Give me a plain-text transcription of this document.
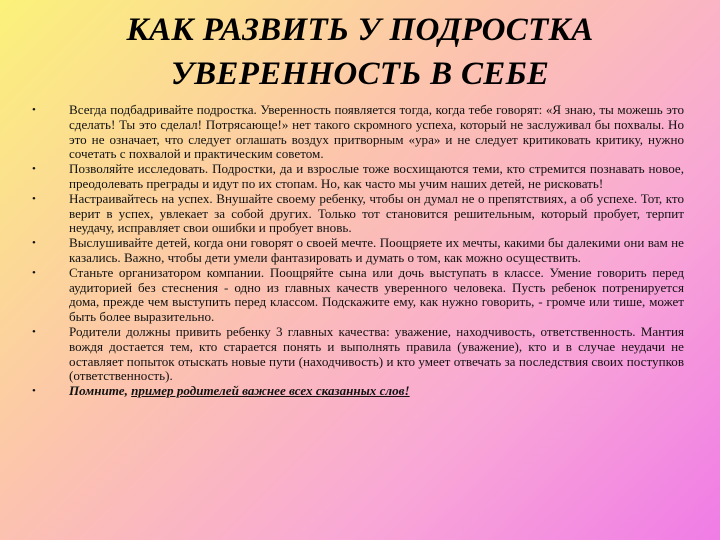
КАК РАЗВИТЬ У ПОДРОСТКА
УВЕРЕННОСТЬ В СЕБЕ
•	Всегда подбадривайте подростка. Уверенность появляется тогда, когда тебе говорят: «Я знаю, ты можешь это сделать! Ты это сделал! Потрясающе!» нет такого скромного успеха, который не заслуживал бы похвалы. Но это не означает, что следует оглашать воздух притворным «ура» и не следует критиковать критику, нужно сочетать с похвалой и практическим советом.
•	Позволяйте исследовать. Подростки, да и взрослые тоже восхищаются теми, кто стремится познавать новое, преодолевать преграды и идут по их стопам. Но, как часто мы учим наших детей, не рисковать!
•	Настраивайтесь на успех. Внушайте своему ребенку, чтобы он думал не о препятствиях, а об успехе. Тот, кто верит в успех, увлекает за собой других. Только тот становится решительным, который пробует, терпит неудачу, исправляет свои ошибки и пробует вновь.
•	Выслушивайте детей, когда они говорят о своей мечте. Поощряете их мечты, какими бы далекими они вам не казались. Важно, чтобы дети умели фантазировать и думать о том, как можно осуществить.
•	Станьте организатором компании. Поощряйте сына или дочь выступать в классе. Умение говорить перед аудиторией без стеснения - одно из главных качеств уверенного человека. Пусть ребенок потренируется дома, прежде чем выступить перед классом. Подскажите ему, как нужно говорить, - громче или тише, может быть более выразительно.
•	Родители должны привить ребенку 3 главных качества: уважение, находчивость, ответственность. Мантия вождя достается тем, кто старается понять и выполнять правила (уважение), кто и в случае неудачи не оставляет попыток отыскать новые пути (находчивость) и кто умеет отвечать за последствия своих поступков (ответственность).
•	Помните, пример родителей важнее всех сказанных слов!
